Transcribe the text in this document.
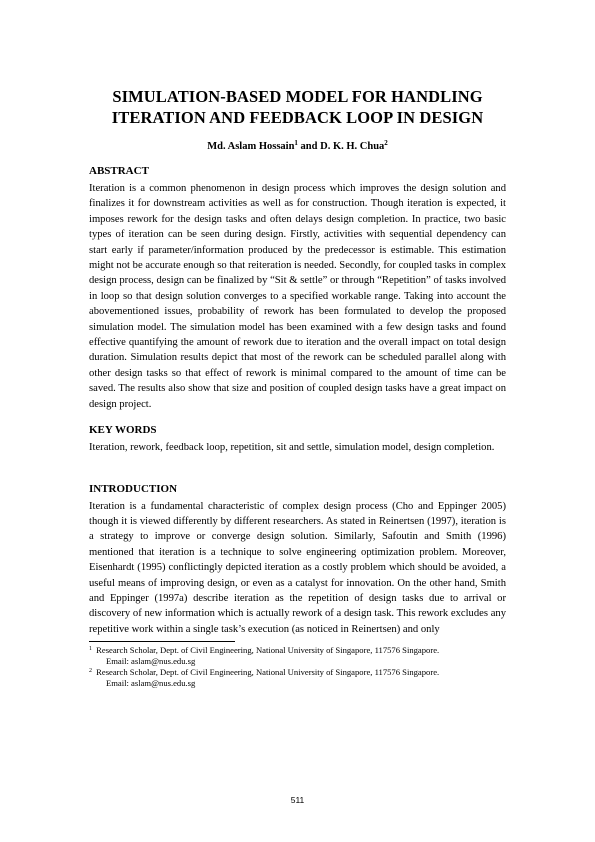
SIMULATION-BASED MODEL FOR HANDLING
ITERATION AND FEEDBACK LOOP IN DESIGN
Md. Aslam Hossain$^1$ and D. K. H. Chua$^2$
ABSTRACT

Iteration is a common phenomenon in design process which improves the design solution and finalizes it for downstream activities as well as for construction. Though iteration is expected, it imposes rework for the design tasks and often delays design completion. In practice, two basic types of iteration can be seen during design. Firstly, activities with sequential dependency can start early if parameter/information produced by the predecessor is estimable. This estimation might not be accurate enough so that reiteration is needed. Secondly, for coupled tasks in complex design process, design can be finalized by “Sit & settle” or through “Repetition” of tasks involved in loop so that design solution converges to a specified workable range. Taking into account the abovementioned issues, probability of rework has been formulated to develop the proposed simulation model. The simulation model has been examined with a few design tasks and found effective quantifying the amount of rework due to iteration and the overall impact on total design duration. Simulation results depict that most of the rework can be scheduled parallel along with other design tasks so that effect of rework is minimal compared to the amount of time can be saved. The results also show that size and position of coupled design tasks have a great impact on design project.

KEY WORDS

Iteration, rework, feedback loop, repetition, sit and settle, simulation model, design completion.

INTRODUCTION

Iteration is a fundamental characteristic of complex design process (Cho and Eppinger 2005) though it is viewed differently by different researchers. As stated in Reinertsen (1997), iteration is a strategy to improve or converge design solution. Similarly, Safoutin and Smith (1996) mentioned that iteration is a technique to solve engineering optimization problem. Moreover, Eisenhardt (1995) conflictingly depicted iteration as a costly problem which should be avoided, a useful means of improving design, or even as a catalyst for innovation. On the other hand, Smith and Eppinger (1997a) describe iteration as the repetition of design tasks due to arrival or discovery of new information which is actually rework of a design task. This rework excludes any repetitive work within a single task’s execution (as noticed in Reinertsen) and only

1 Research Scholar, Dept. of Civil Engineering, National University of Singapore, 117576 Singapore.
Email: aslam@nus.edu.sg
2 Research Scholar, Dept. of Civil Engineering, National University of Singapore, 117576 Singapore.
Email: aslam@nus.edu.sg
511
